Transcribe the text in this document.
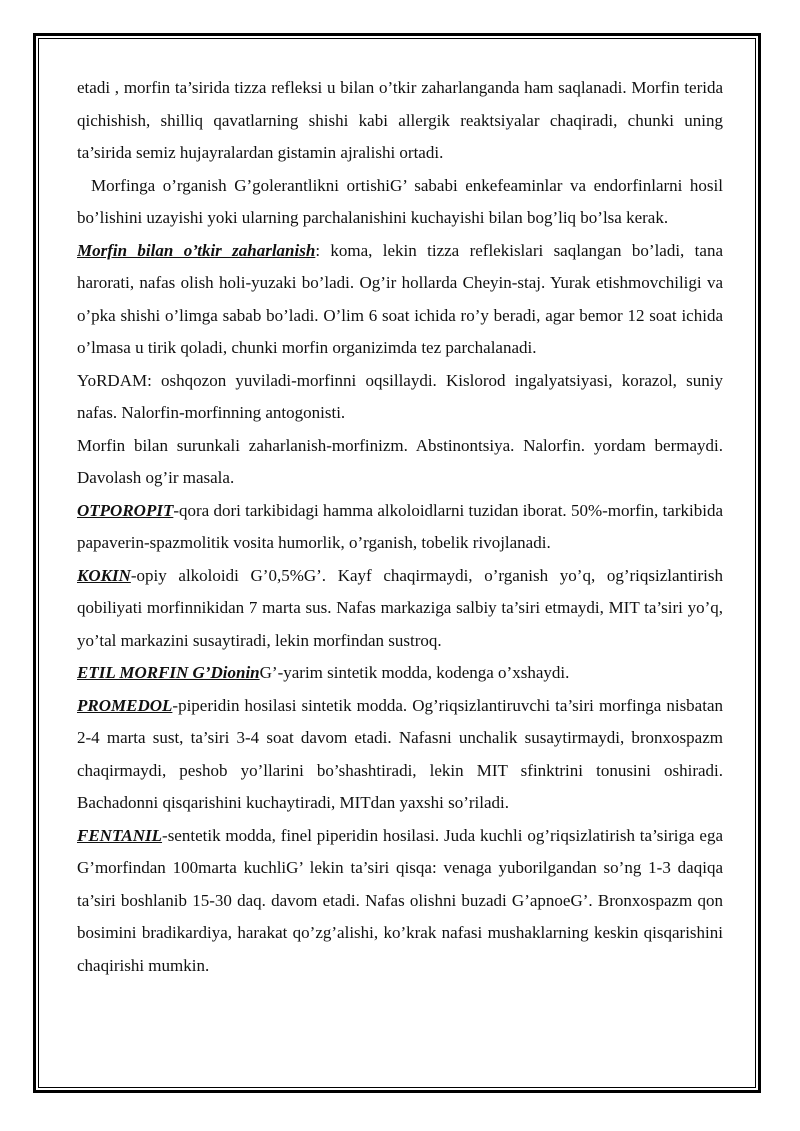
etadi , morfin ta’sirida tizza refleksi u bilan o’tkir zaharlanganda ham saqlanadi. Morfin terida qichishish, shilliq qavatlarning shishi kabi allergik reaktsiyalar chaqiradi, chunki uning ta’sirida semiz hujayralardan gistamin ajralishi ortadi.

Morfinga o’rganish G’golerantlikni ortishiG’ sababi enkefeaminlar va endorfinlarni hosil bo’lishini uzayishi yoki ularning parchalanishini kuchayishi bilan bog’liq bo’lsa kerak.

Morfin bilan o’tkir zaharlanish: koma, lekin tizza reflekislari saqlangan bo’ladi, tana harorati, nafas olish holi-yuzaki bo’ladi. Og’ir hollarda Cheyin-staj. Yurak etishmovchiligi va o’pka shishi o’limga sabab bo’ladi. O’lim 6 soat ichida ro’y beradi, agar bemor 12 soat ichida o’lmasa u tirik qoladi, chunki morfin organizimda tez parchalanadi.

YoRDAM: oshqozon yuviladi-morfinni oqsillaydi. Kislorod ingalyatsiyasi, korazol, suniy nafas. Nalorfin-morfinning antogonisti.

Morfin bilan surunkali zaharlanish-morfinizm. Abstinontsiya. Nalorfin. yordam bermaydi. Davolash og’ir masala.

OTPOROPIT-qora dori tarkibidagi hamma alkoloidlarni tuzidan iborat. 50%-morfin, tarkibida papaverin-spazmolitik vosita humorlik, o’rganish, tobelik rivojlanadi.

KOKIN-opiy alkoloidi G’0,5%G’. Kayf chaqirmaydi, o’rganish yo’q, og’riqsizlantirish qobiliyati morfinnikidan 7 marta sus. Nafas markaziga salbiy ta’siri etmaydi, MIT ta’siri yo’q, yo’tal markazini susaytiradi, lekin morfindan sustroq.

ETIL MORFIN G’DioninG’-yarim sintetik modda, kodenga o’xshaydi.

PROMEDOL-piperidin hosilasi sintetik modda. Og’riqsizlantiruvchi ta’siri morfinga nisbatan 2-4 marta sust, ta’siri 3-4 soat davom etadi. Nafasni unchalik susaytirmaydi, bronxospazm chaqirmaydi, peshob yo’llarini bo’shashtiradi, lekin MIT sfinktrini tonusini oshiradi. Bachadonni qisqarishini kuchaytiradi, MITdan yaxshi so’riladi.

FENTANIL-sentetik modda, finel piperidin hosilasi. Juda kuchli og’riqsizlatirish ta’siriga ega G’morfindan 100marta kuchliG’ lekin ta’siri qisqa: venaga yuborilgandan so’ng 1-3 daqiqa ta’siri boshlanib 15-30 daq. davom etadi. Nafas olishni buzadi G’apnoeG’. Bronxospazm qon bosimini bradikardiya, harakat qo’zg’alishi, ko’krak nafasi mushaklarning keskin qisqarishini chaqirishi mumkin.
